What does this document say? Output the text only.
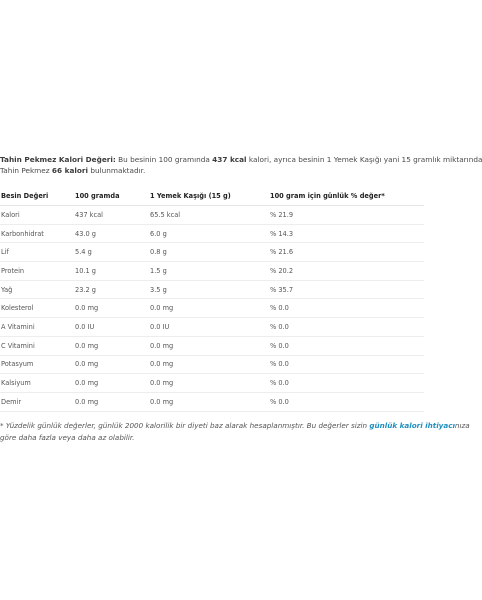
Tahin Pekmez Kalori Değeri: Bu besinin 100 gramında 437 kcal kalori, ayrıca besinin 1 Yemek Kaşığı yani 15 gramlık miktarında
Tahin Pekmez 66 kalori bulunmaktadır.
Besin Değeri	100 gramda	1 Yemek Kaşığı (15 g)	100 gram için günlük % değer*
Kalori	437 kcal	65.5 kcal	% 21.9
Karbonhidrat	43.0 g	6.0 g	% 14.3
Lif	5.4 g	0.8 g	% 21.6
Protein	10.1 g	1.5 g	% 20.2
Yağ	23.2 g	3.5 g	% 35.7
Kolesterol	0.0 mg	0.0 mg	% 0.0
A Vitamini	0.0 IU	0.0 IU	% 0.0
C Vitamini	0.0 mg	0.0 mg	% 0.0
Potasyum	0.0 mg	0.0 mg	% 0.0
Kalsiyum	0.0 mg	0.0 mg	% 0.0
Demir	0.0 mg	0.0 mg	% 0.0
* Yüzdelik günlük değerler, günlük 2000 kalorilik bir diyeti baz alarak hesaplanmıştır. Bu değerler sizin günlük kalori ihtiyacınıza
göre daha fazla veya daha az olabilir.
